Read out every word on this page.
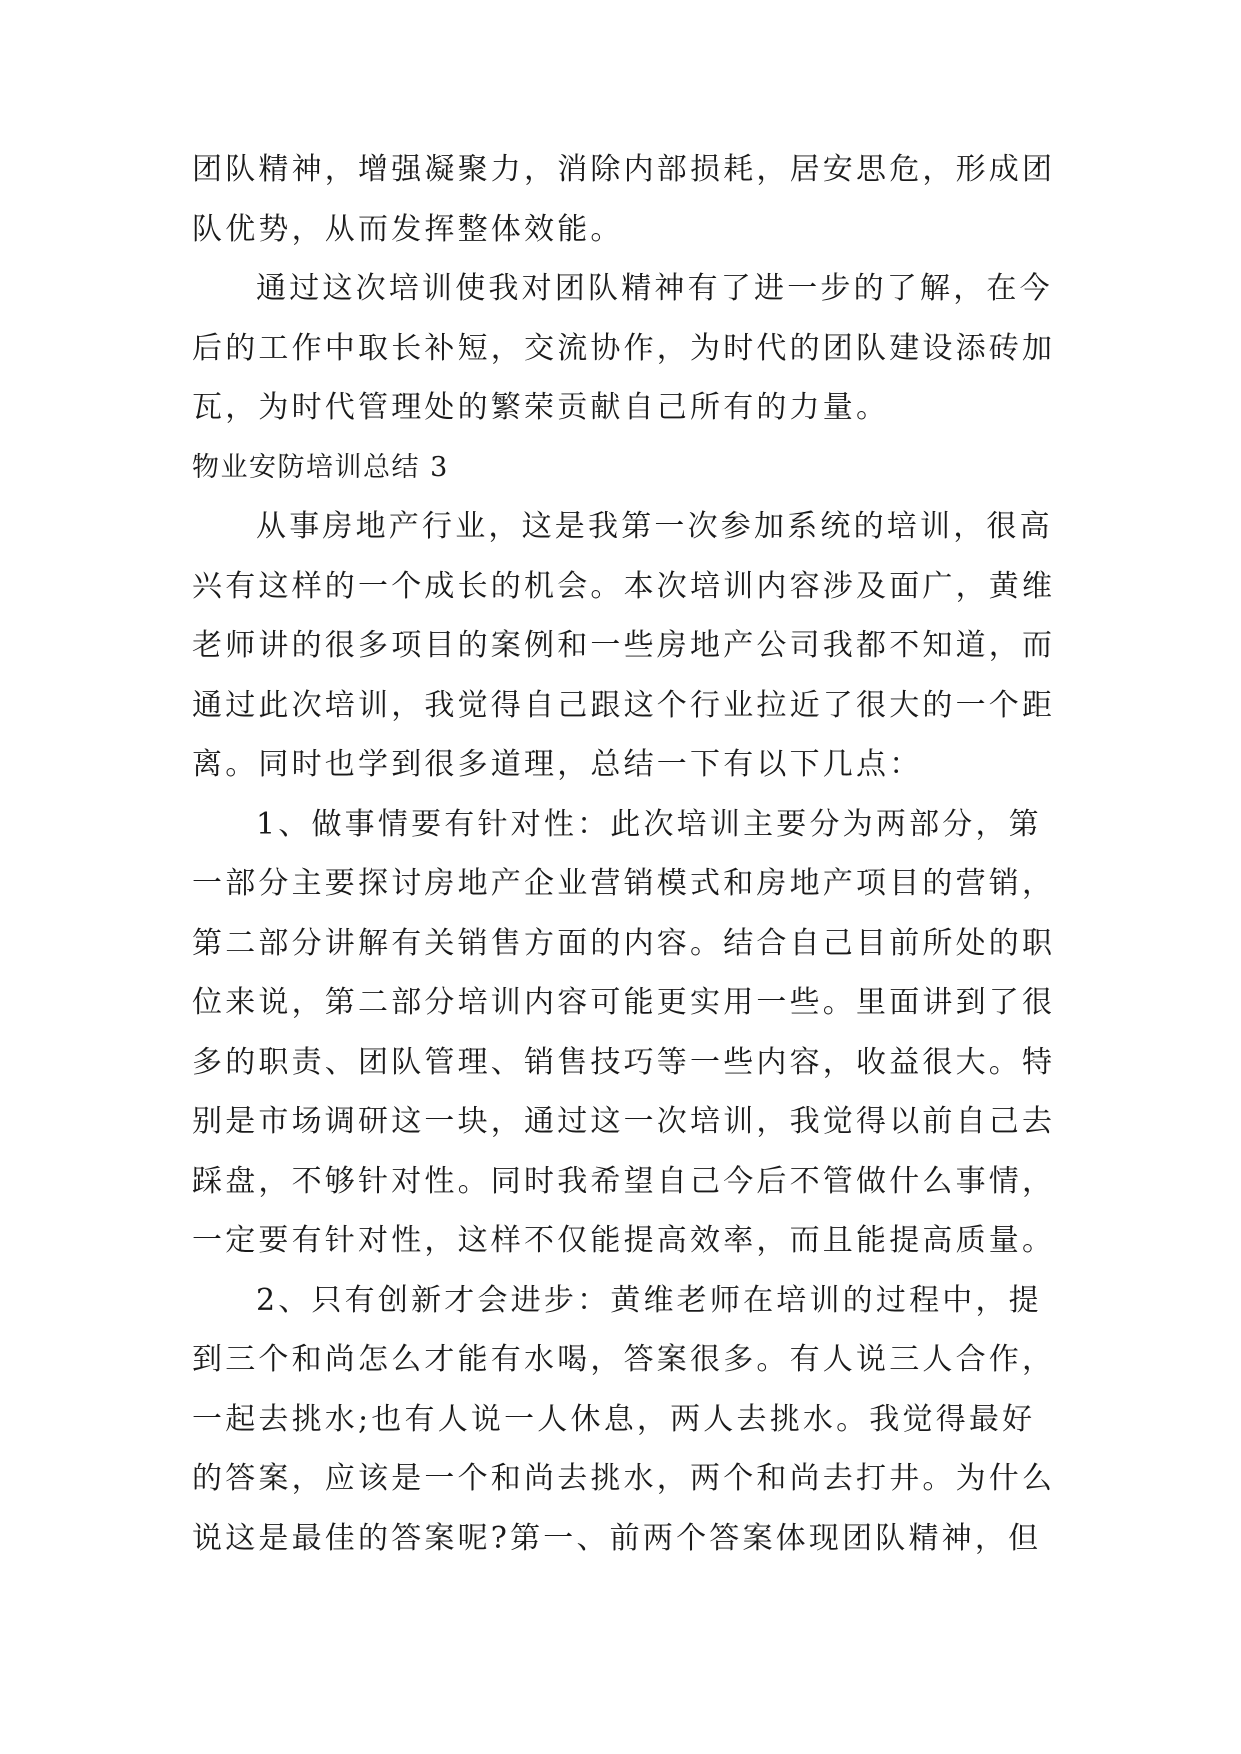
团队精神，增强凝聚力，消除内部损耗，居安思危，形成团
队优势，从而发挥整体效能。
通过这次培训使我对团队精神有了进一步的了解，在今
后的工作中取长补短，交流协作，为时代的团队建设添砖加
瓦，为时代管理处的繁荣贡献自己所有的力量。
物业安防培训总结 3
从事房地产行业，这是我第一次参加系统的培训，很高
兴有这样的一个成长的机会。本次培训内容涉及面广，黄维
老师讲的很多项目的案例和一些房地产公司我都不知道，而
通过此次培训，我觉得自己跟这个行业拉近了很大的一个距
离。同时也学到很多道理，总结一下有以下几点：
1、做事情要有针对性：此次培训主要分为两部分，第
一部分主要探讨房地产企业营销模式和房地产项目的营销，
第二部分讲解有关销售方面的内容。结合自己目前所处的职
位来说，第二部分培训内容可能更实用一些。里面讲到了很
多的职责、团队管理、销售技巧等一些内容，收益很大。特
别是市场调研这一块，通过这一次培训，我觉得以前自己去
踩盘，不够针对性。同时我希望自己今后不管做什么事情，
一定要有针对性，这样不仅能提高效率，而且能提高质量。
2、只有创新才会进步：黄维老师在培训的过程中，提
到三个和尚怎么才能有水喝，答案很多。有人说三人合作，
一起去挑水;也有人说一人休息，两人去挑水。我觉得最好
的答案，应该是一个和尚去挑水，两个和尚去打井。为什么
说这是最佳的答案呢?第一、前两个答案体现团队精神，但
